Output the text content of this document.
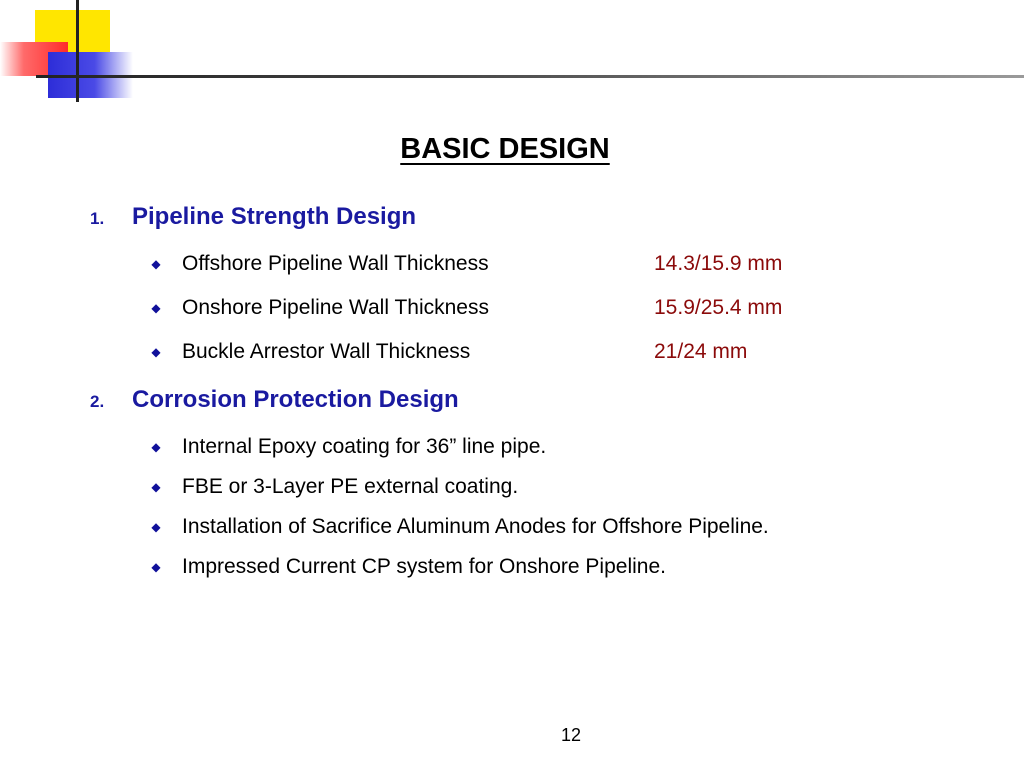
BASIC DESIGN
1.	Pipeline Strength Design
◆ Offshore Pipeline Wall Thickness	14.3/15.9 mm
◆ Onshore Pipeline Wall Thickness	15.9/25.4 mm
◆ Buckle Arrestor Wall Thickness	21/24 mm
2.	Corrosion Protection Design
◆ Internal Epoxy coating for 36” line pipe.
◆ FBE or 3-Layer PE external coating.
◆ Installation of Sacrifice Aluminum Anodes for Offshore Pipeline.
◆ Impressed Current CP system for Onshore Pipeline.
12
